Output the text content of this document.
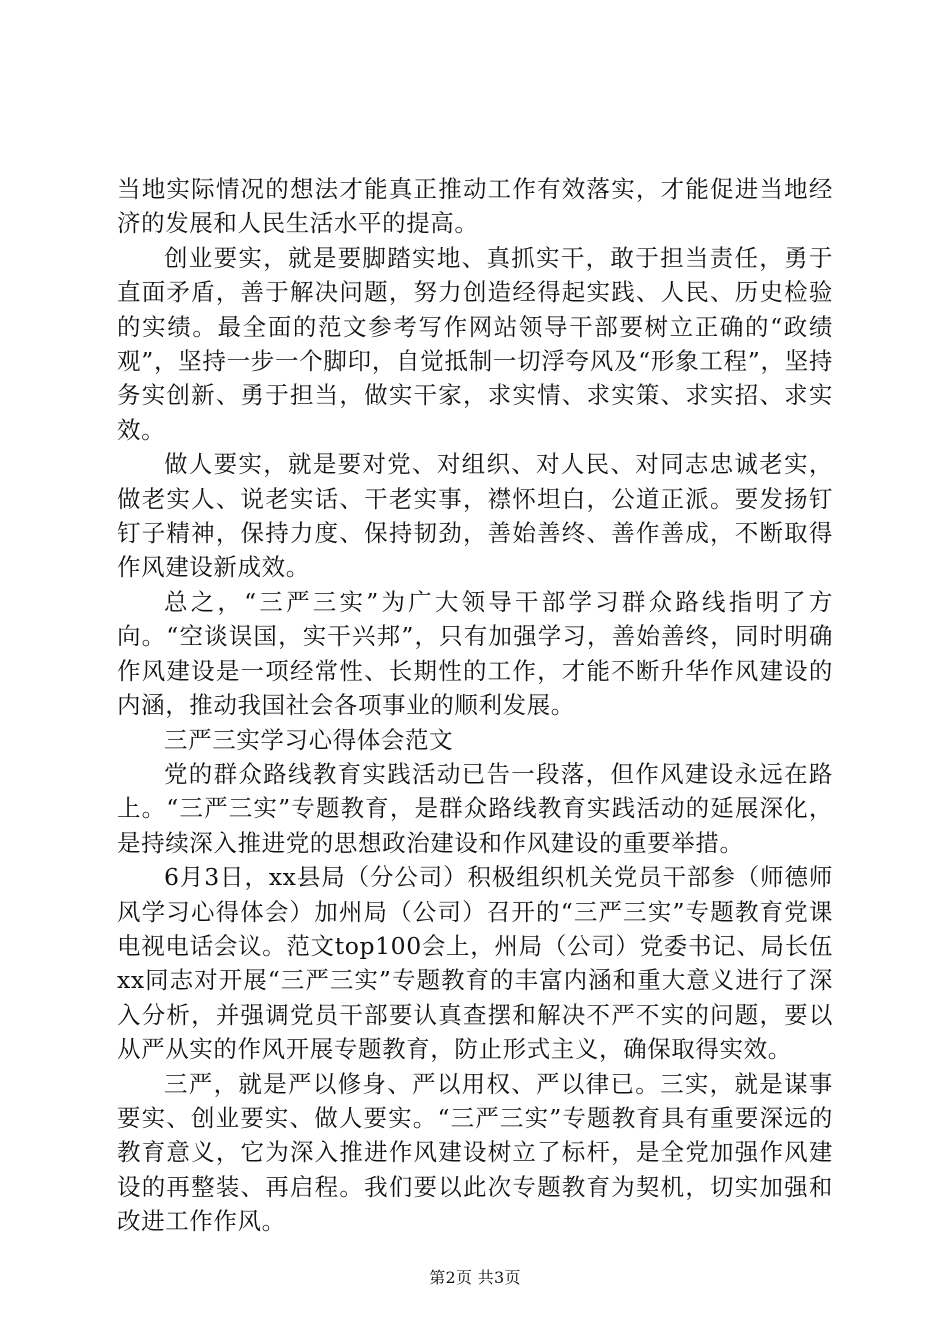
当地实际情况的想法才能真正推动工作有效落实，才能促进当地经济的发展和人民生活水平的提高。

创业要实，就是要脚踏实地、真抓实干，敢于担当责任，勇于直面矛盾，善于解决问题，努力创造经得起实践、人民、历史检验的实绩。最全面的范文参考写作网站领导干部要树立正确的“政绩观”，坚持一步一个脚印，自觉抵制一切浮夸风及“形象工程”，坚持务实创新、勇于担当，做实干家，求实情、求实策、求实招、求实效。

做人要实，就是要对党、对组织、对人民、对同志忠诚老实，做老实人、说老实话、干老实事，襟怀坦白，公道正派。要发扬钉钉子精神，保持力度、保持韧劲，善始善终、善作善成，不断取得作风建设新成效。

总之，“三严三实”为广大领导干部学习群众路线指明了方向。“空谈误国，实干兴邦”，只有加强学习，善始善终，同时明确作风建设是一项经常性、长期性的工作，才能不断升华作风建设的内涵，推动我国社会各项事业的顺利发展。

三严三实学习心得体会范文

党的群众路线教育实践活动已告一段落，但作风建设永远在路上。“三严三实”专题教育，是群众路线教育实践活动的延展深化，是持续深入推进党的思想政治建设和作风建设的重要举措。

6月3日，xx县局（分公司）积极组织机关党员干部参（师德师风学习心得体会）加州局（公司）召开的“三严三实”专题教育党课电视电话会议。范文top100会上，州局（公司）党委书记、局长伍xx同志对开展“三严三实”专题教育的丰富内涵和重大意义进行了深入分析，并强调党员干部要认真查摆和解决不严不实的问题，要以从严从实的作风开展专题教育，防止形式主义，确保取得实效。

三严，就是严以修身、严以用权、严以律已。三实，就是谋事要实、创业要实、做人要实。“三严三实”专题教育具有重要深远的教育意义，它为深入推进作风建设树立了标杆，是全党加强作风建设的再整装、再启程。我们要以此次专题教育为契机，切实加强和改进工作作风。

第2页 共3页
